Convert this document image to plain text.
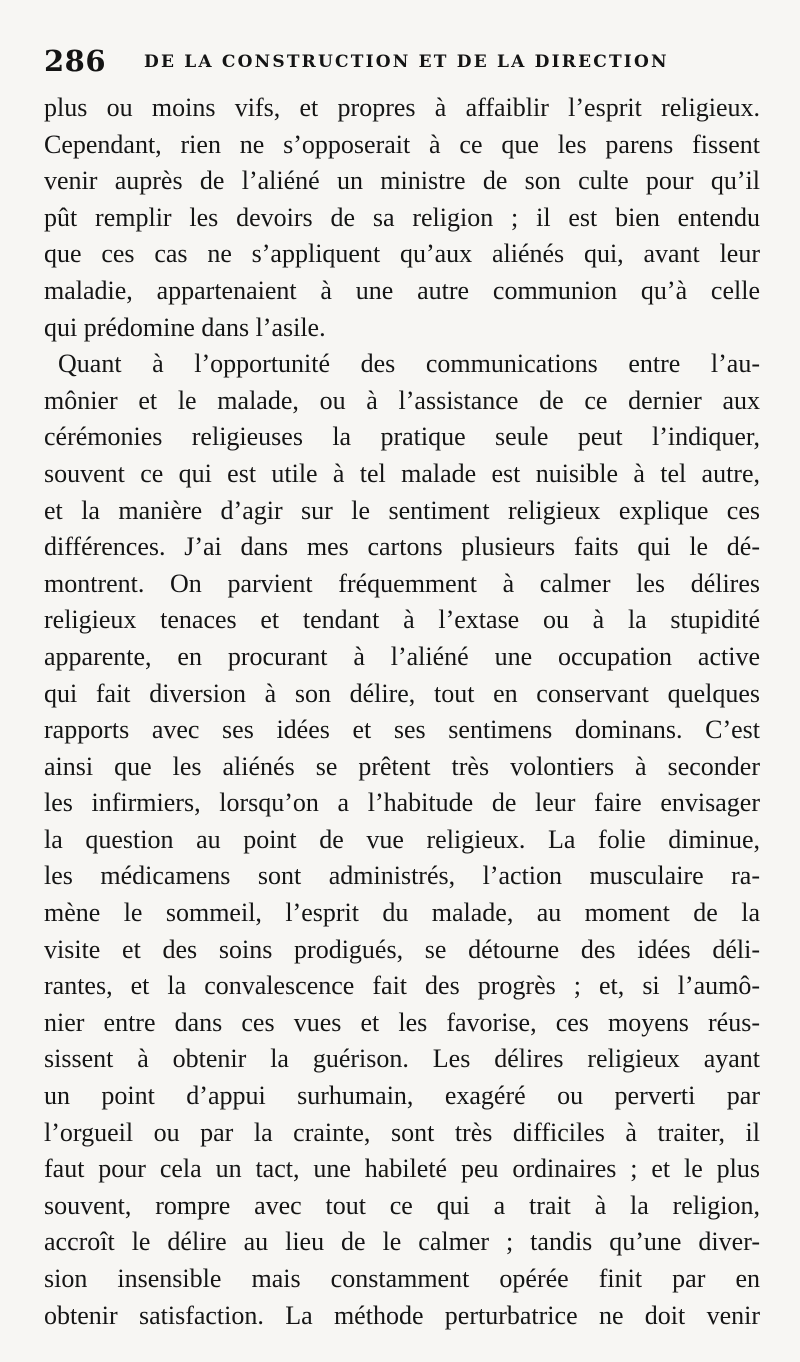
286 DE LA CONSTRUCTION ET DE LA DIRECTION
plus ou moins vifs, et propres à affaiblir l’esprit religieux.
Cependant, rien ne s’opposerait à ce que les parens fissent
venir auprès de l’aliéné un ministre de son culte pour qu’il
pût remplir les devoirs de sa religion ; il est bien entendu
que ces cas ne s’appliquent qu’aux aliénés qui, avant leur
maladie, appartenaient à une autre communion qu’à celle
qui prédomine dans l’asile.
Quant à l’opportunité des communications entre l’au-
mônier et le malade, ou à l’assistance de ce dernier aux
cérémonies religieuses la pratique seule peut l’indiquer,
souvent ce qui est utile à tel malade est nuisible à tel autre,
et la manière d’agir sur le sentiment religieux explique ces
différences. J’ai dans mes cartons plusieurs faits qui le dé-
montrent. On parvient fréquemment à calmer les délires
religieux tenaces et tendant à l’extase ou à la stupidité
apparente, en procurant à l’aliéné une occupation active
qui fait diversion à son délire, tout en conservant quelques
rapports avec ses idées et ses sentimens dominans. C’est
ainsi que les aliénés se prêtent très volontiers à seconder
les infirmiers, lorsqu’on a l’habitude de leur faire envisager
la question au point de vue religieux. La folie diminue,
les médicamens sont administrés, l’action musculaire ra-
mène le sommeil, l’esprit du malade, au moment de la
visite et des soins prodigués, se détourne des idées déli-
rantes, et la convalescence fait des progrès ; et, si l’aumô-
nier entre dans ces vues et les favorise, ces moyens réus-
sissent à obtenir la guérison. Les délires religieux ayant
un point d’appui surhumain, exagéré ou perverti par
l’orgueil ou par la crainte, sont très difficiles à traiter, il
faut pour cela un tact, une habileté peu ordinaires ; et le plus
souvent, rompre avec tout ce qui a trait à la religion,
accroît le délire au lieu de le calmer ; tandis qu’une diver-
sion insensible mais constamment opérée finit par en
obtenir satisfaction. La méthode perturbatrice ne doit venir
